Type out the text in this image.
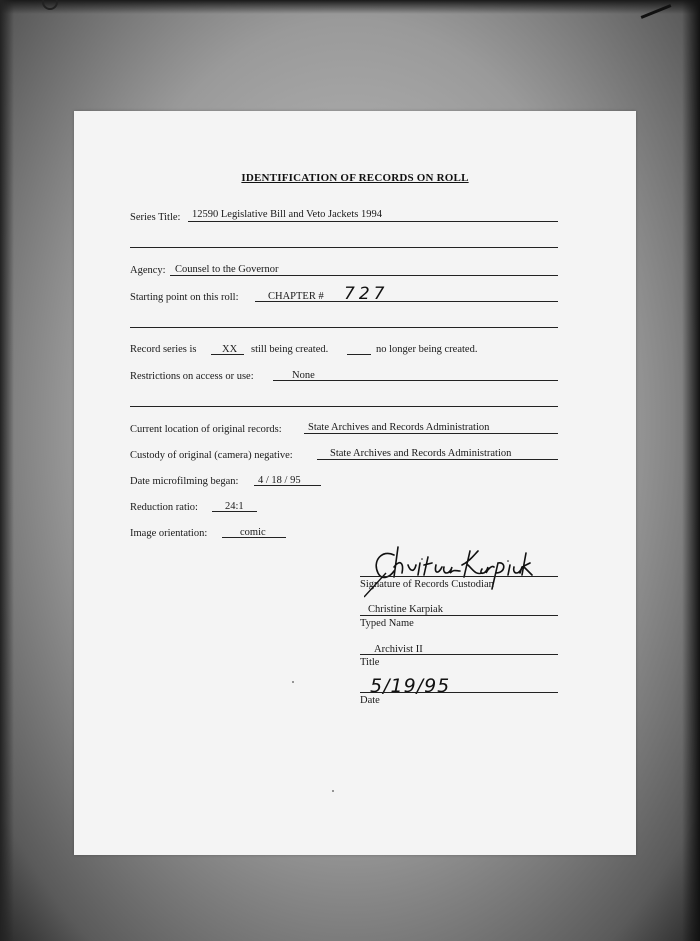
IDENTIFICATION OF RECORDS ON ROLL
Series Title: 12590 Legislative Bill and Veto Jackets 1994
Agency: Counsel to the Governor
Starting point on this roll:	CHAPTER # 727
Record series is XX still being created.	no longer being created.
Restrictions on access or use:	None
Current location of original records:	State Archives and Records Administration
Custody of original (camera) negative:	State Archives and Records Administration
Date microfilming began: 4 / 18 / 95
Reduction ratio:	24:1
Image orientation:	comic
Signature of Records Custodian
Christine Karpiak
Typed Name
Archivist II
Title
5/19/95
Date
